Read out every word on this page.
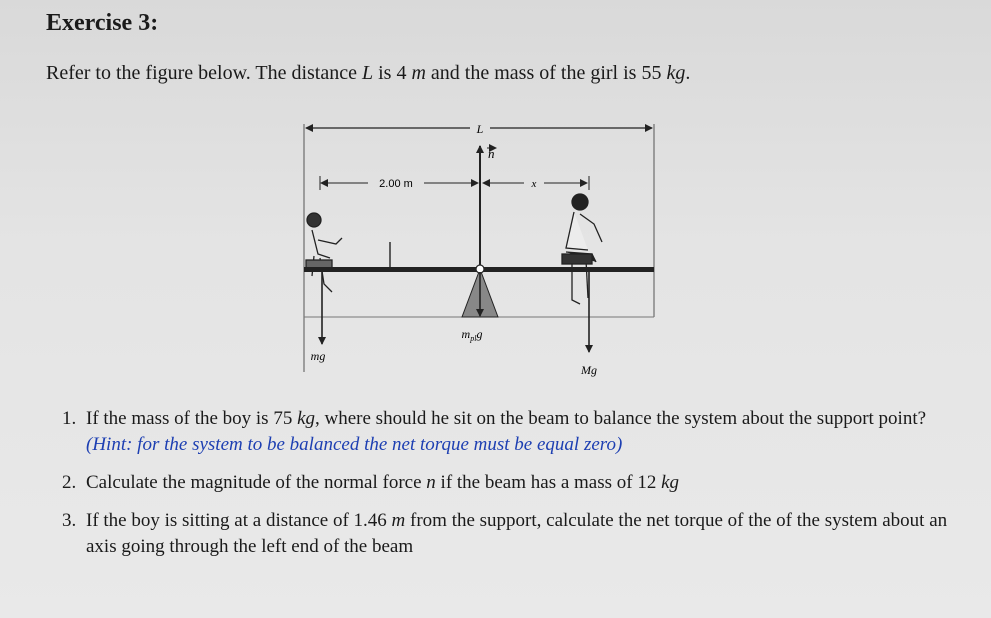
Exercise 3:
Refer to the figure below. The distance L is 4 m and the mass of the girl is 55 kg.
L
n
2.00 m	x
$m_{pl}g$
mg
Mg
1. If the mass of the boy is 75 kg, where should he sit on the beam to balance the system about the support point? (Hint: for the system to be balanced the net torque must be equal zero)
2. Calculate the magnitude of the normal force n if the beam has a mass of 12 kg
3. If the boy is sitting at a distance of 1.46 m from the support, calculate the net torque of the of the system about an axis going through the left end of the beam
